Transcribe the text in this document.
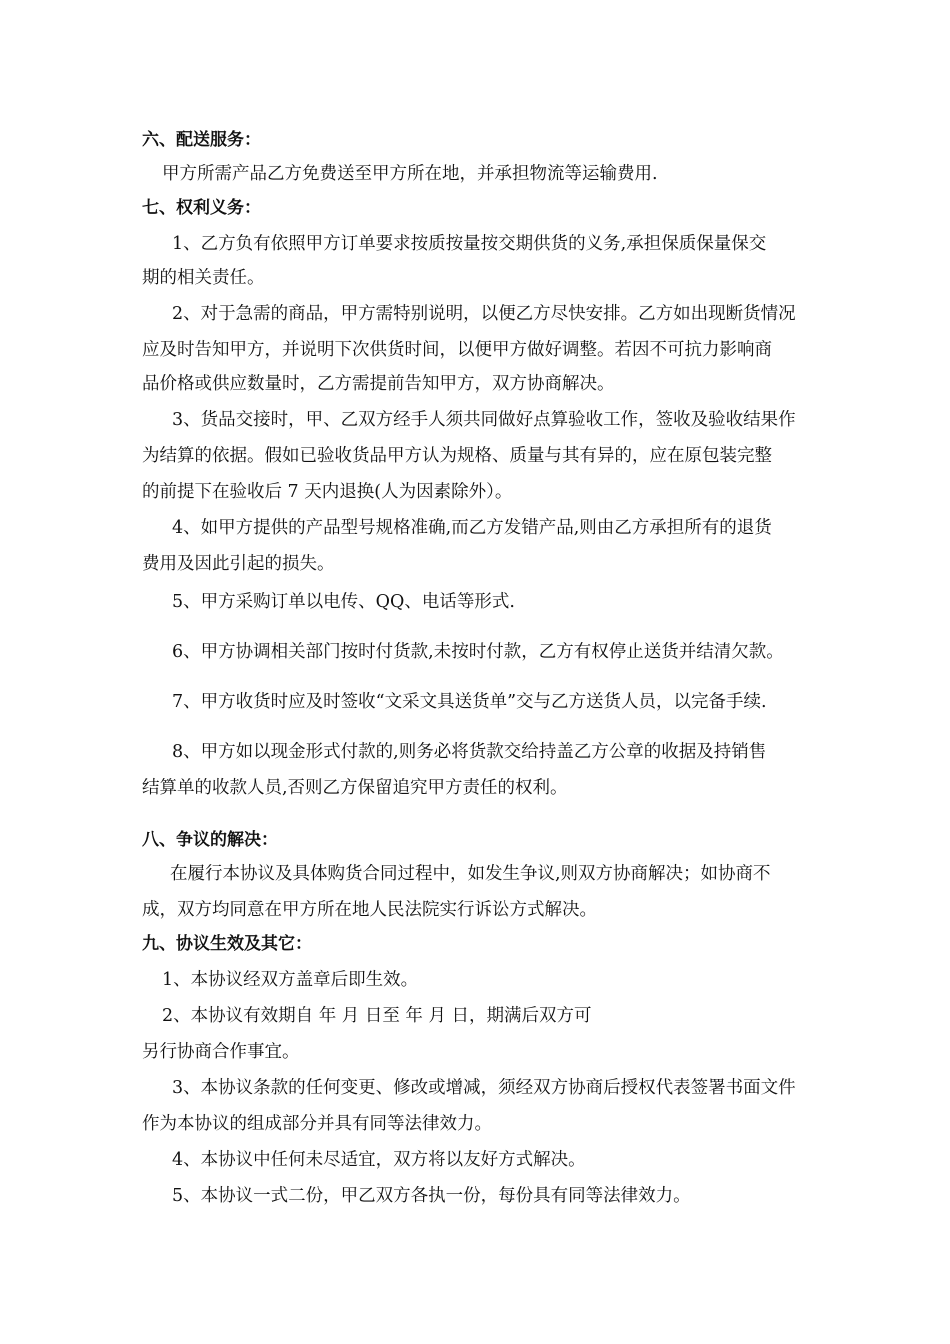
六、配送服务：
甲方所需产品乙方免费送至甲方所在地，并承担物流等运输费用.
七、权利义务：
1、乙方负有依照甲方订单要求按质按量按交期供货的义务,承担保质保量保交
期的相关责任。
2、对于急需的商品，甲方需特别说明，以便乙方尽快安排。乙方如出现断货情况
应及时告知甲方，并说明下次供货时间，以便甲方做好调整。若因不可抗力影响商
品价格或供应数量时，乙方需提前告知甲方，双方协商解决。
3、货品交接时，甲、乙双方经手人须共同做好点算验收工作，签收及验收结果作
为结算的依据。假如已验收货品甲方认为规格、质量与其有异的，应在原包装完整
的前提下在验收后 7 天内退换(人为因素除外）。
4、如甲方提供的产品型号规格准确,而乙方发错产品,则由乙方承担所有的退货
费用及因此引起的损失。
5、甲方采购订单以电传、QQ、电话等形式.
6、甲方协调相关部门按时付货款,未按时付款，乙方有权停止送货并结清欠款。
7、甲方收货时应及时签收“文采文具送货单”交与乙方送货人员，以完备手续.
8、甲方如以现金形式付款的,则务必将货款交给持盖乙方公章的收据及持销售
结算单的收款人员,否则乙方保留追究甲方责任的权利。
八、争议的解决：
在履行本协议及具体购货合同过程中，如发生争议,则双方协商解决；如协商不
成，双方均同意在甲方所在地人民法院实行诉讼方式解决。
九、协议生效及其它：
1、本协议经双方盖章后即生效。
2、本协议有效期自 年 月 日至 年 月 日，期满后双方可
另行协商合作事宜。
3、本协议条款的任何变更、修改或增减，须经双方协商后授权代表签署书面文件
作为本协议的组成部分并具有同等法律效力。
4、本协议中任何未尽适宜，双方将以友好方式解决。
5、本协议一式二份，甲乙双方各执一份，每份具有同等法律效力。
